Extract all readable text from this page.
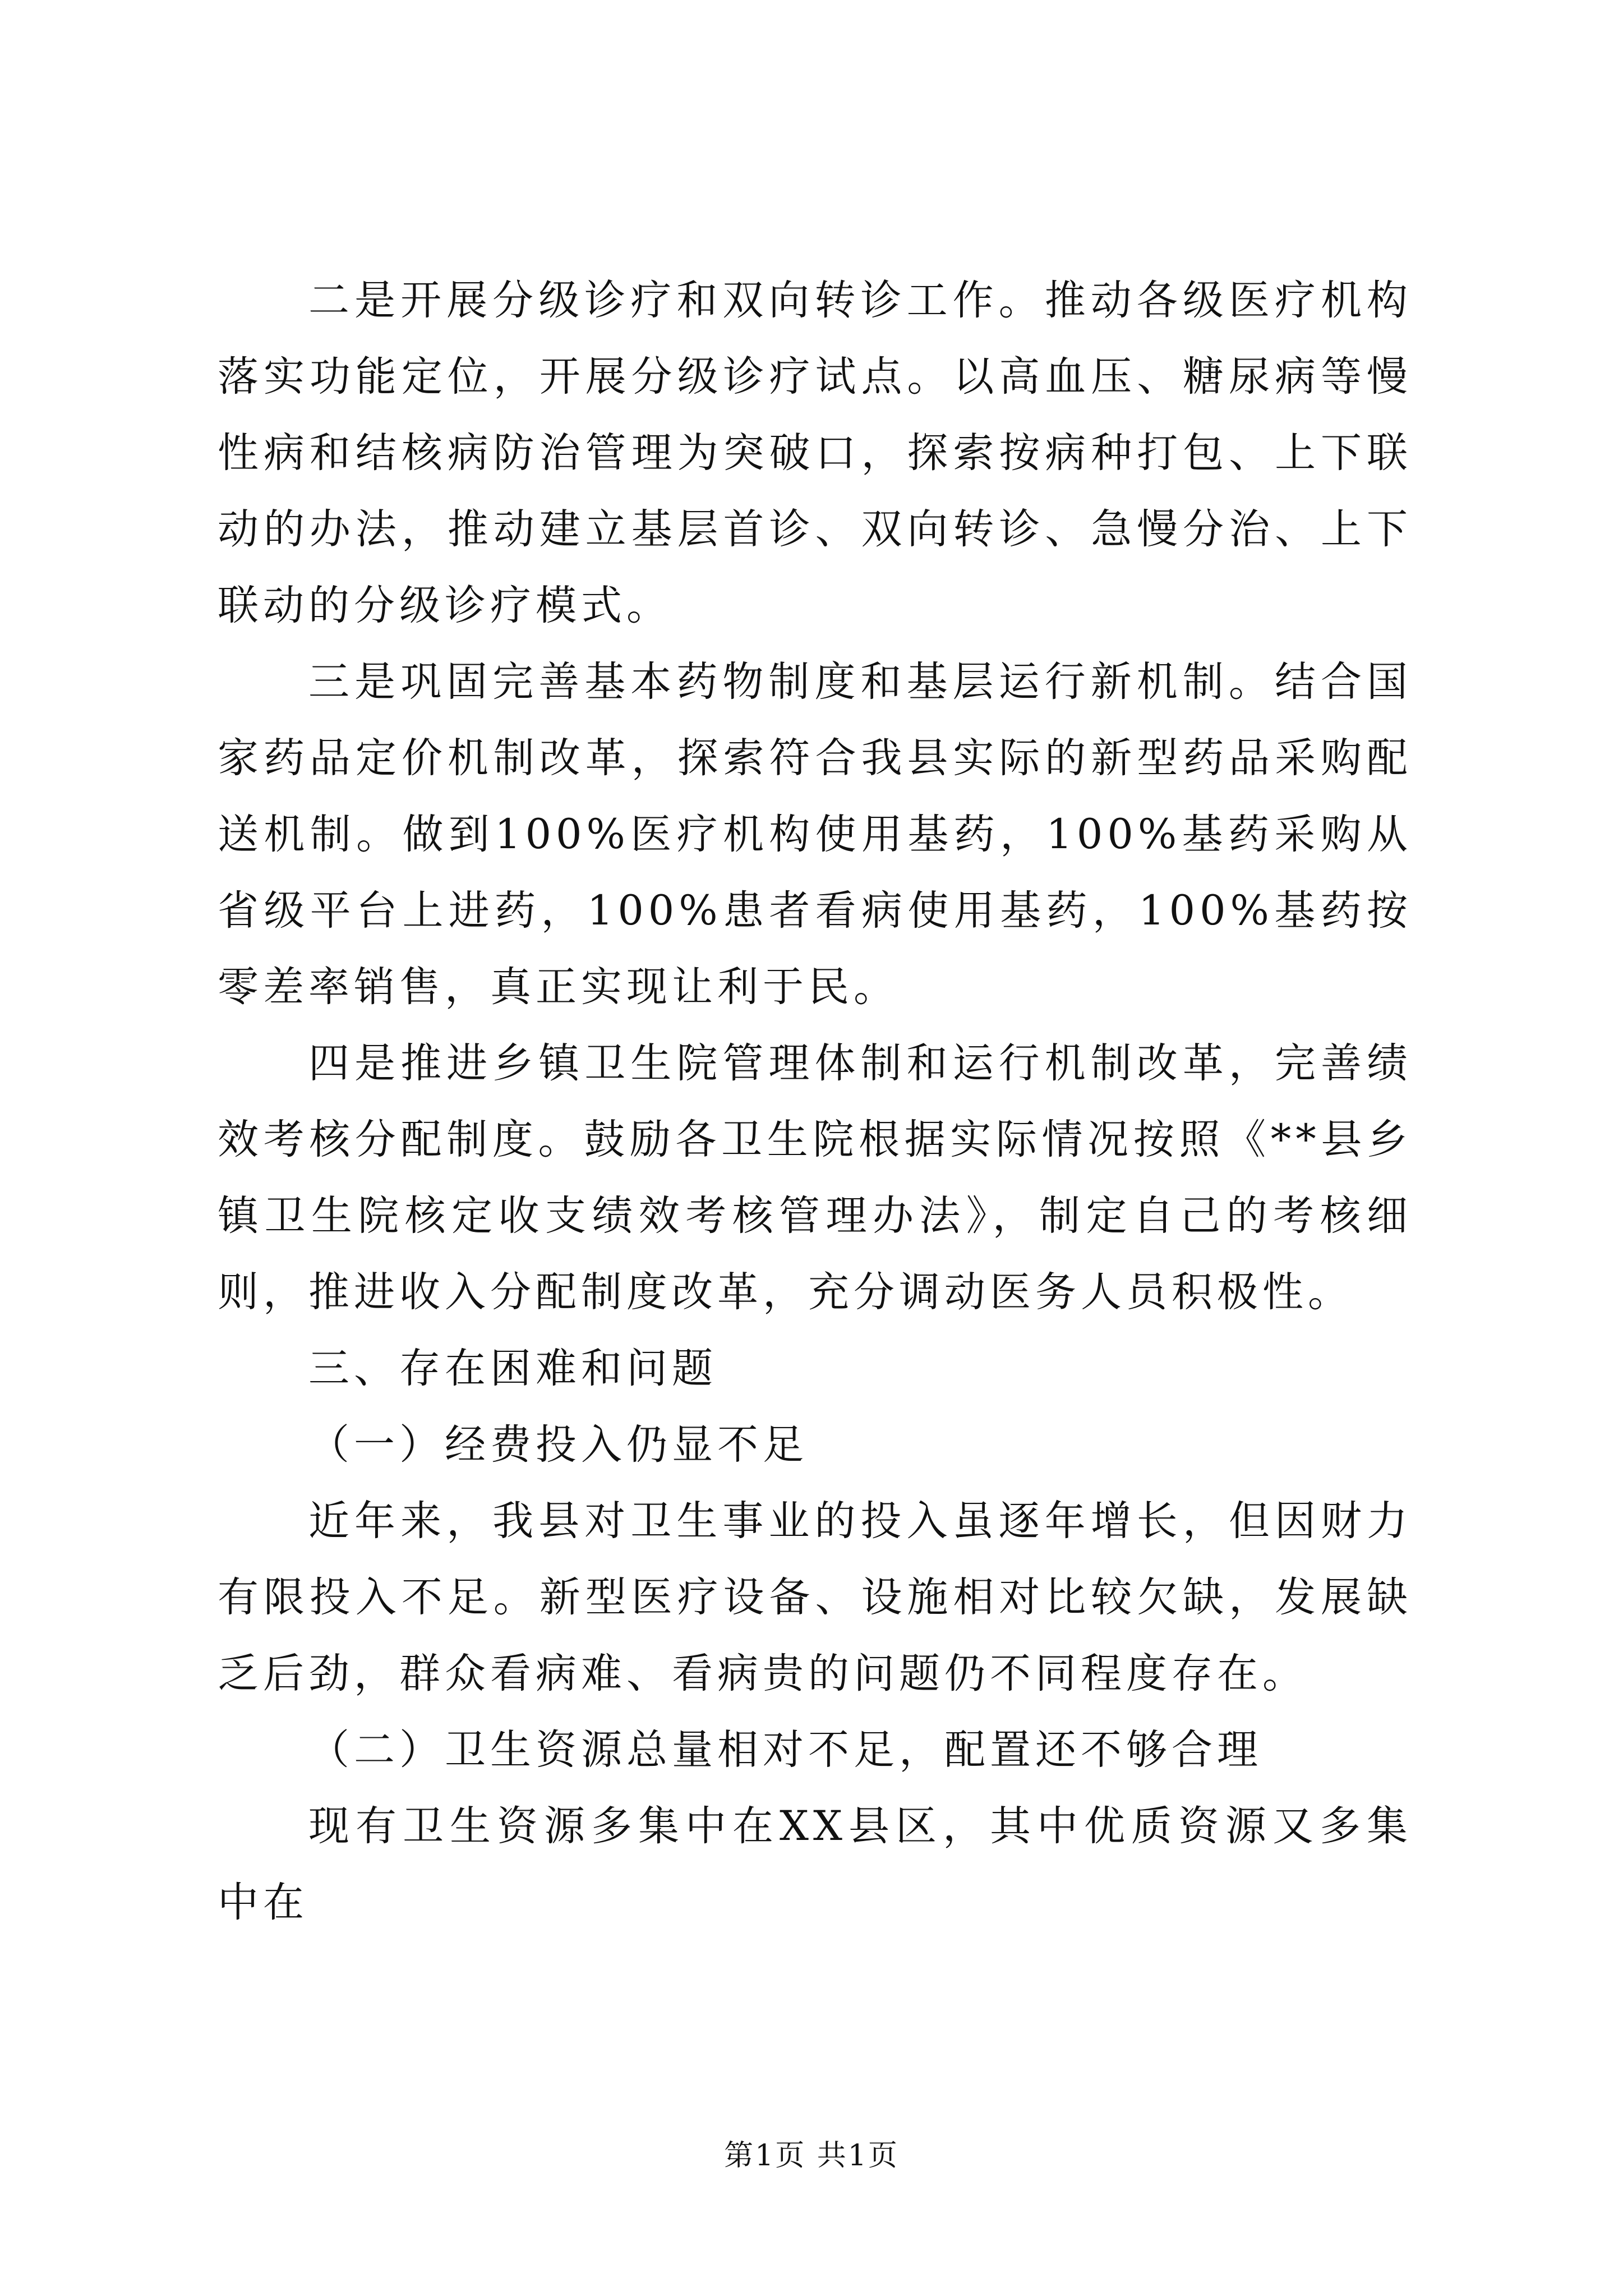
二是开展分级诊疗和双向转诊工作。推动各级医疗机构落实功能定位，开展分级诊疗试点。以高血压、糖尿病等慢性病和结核病防治管理为突破口，探索按病种打包、上下联动的办法，推动建立基层首诊、双向转诊、急慢分治、上下联动的分级诊疗模式。

三是巩固完善基本药物制度和基层运行新机制。结合国家药品定价机制改革，探索符合我县实际的新型药品采购配送机制。做到100%医疗机构使用基药，100%基药采购从省级平台上进药，100%患者看病使用基药，100%基药按零差率销售，真正实现让利于民。

四是推进乡镇卫生院管理体制和运行机制改革，完善绩效考核分配制度。鼓励各卫生院根据实际情况按照《**县乡镇卫生院核定收支绩效考核管理办法》，制定自己的考核细则，推进收入分配制度改革，充分调动医务人员积极性。

三、存在困难和问题

（一）经费投入仍显不足

近年来，我县对卫生事业的投入虽逐年增长，但因财力有限投入不足。新型医疗设备、设施相对比较欠缺，发展缺乏后劲，群众看病难、看病贵的问题仍不同程度存在。

（二）卫生资源总量相对不足，配置还不够合理

现有卫生资源多集中在XX县区，其中优质资源又多集中在

第1页 共1页
